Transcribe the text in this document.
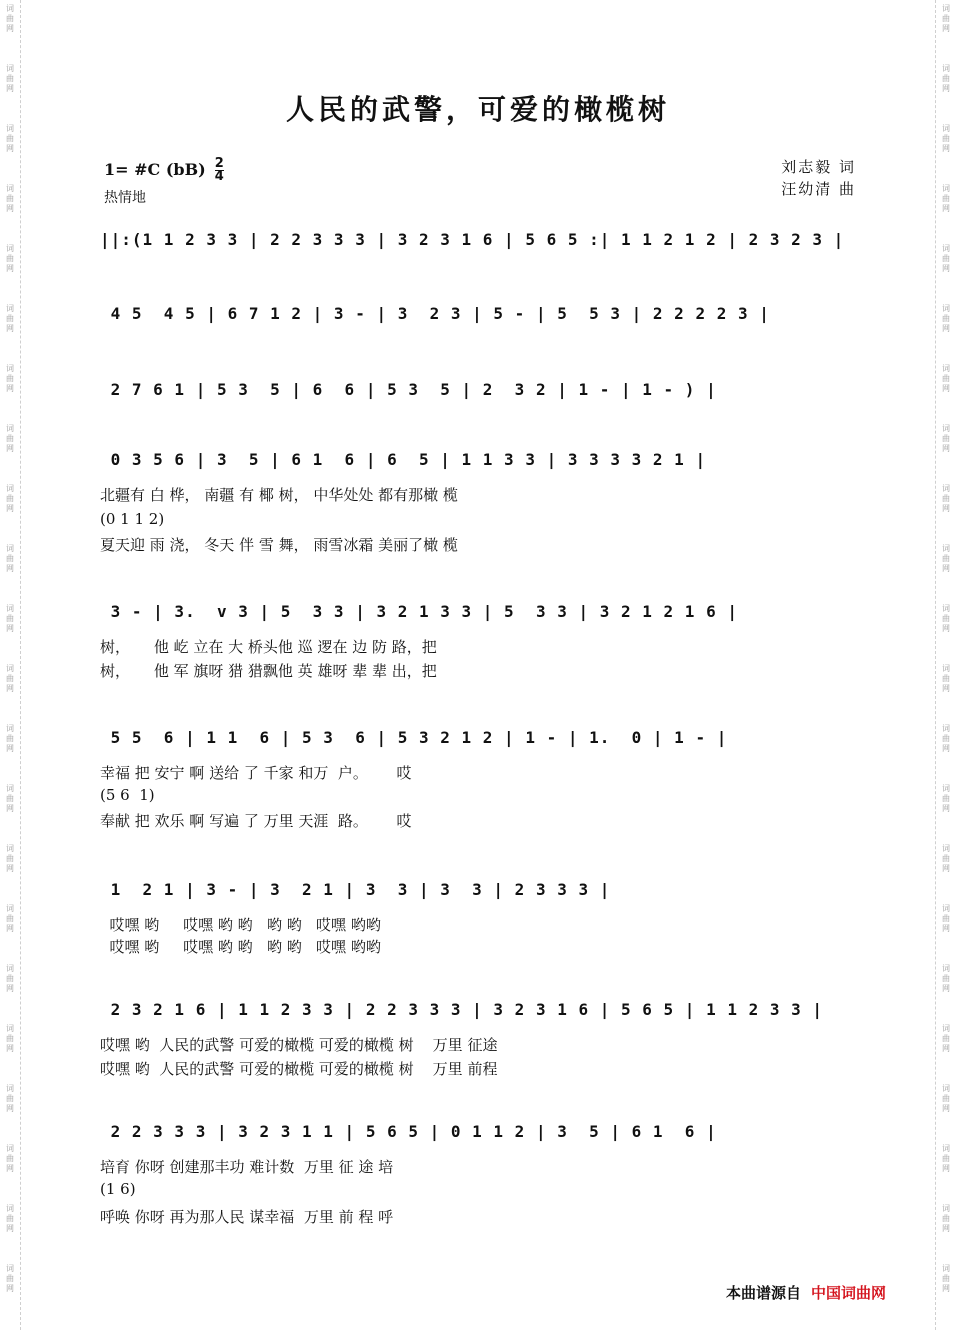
词
曲
网
词
曲
网
词
曲
网
词
曲
网
词
曲
网
词
曲
网
词
曲
网
词
曲
网
词
曲
网
词
曲
网
词
曲
网
词
曲
网
词
曲
网
词
曲
网
词
曲
网
词
曲
网
词
曲
网
词
曲
网
词
曲
网
词
曲
网
词
曲
网
词
曲
网
词
曲
网
词
曲
网
词
曲
网
词
曲
网
词
曲
网
词
曲
网
词
曲
网
词
曲
网
词
曲
网
词
曲
网
词
曲
网
词
曲
网
词
曲
网
词
曲
网
词
曲
网
词
曲
网
词
曲
网
词
曲
网
词
曲
网
词
曲
网
词
曲
网
词
曲
网
人民的武警，可爱的橄榄树
1= #C $(bB) \frac{2}{4}$
热情地
刘志毅 词
汪幼清 曲
||:(1 1 2 3 3 | 2 2 3 3 3 | 3 2 3 1 6 | 5 6 5 :| 1 1 2 1 2 | 2 3 2 3 |
4 5  4 5 | 6 7 1 2 | 3 - | 3  2 3 | 5 - | 5  5 3 | 2 2 2 2 3 |
2 7 6 1 | 5 3  5 | 6  6 | 5 3  5 | 2  3 2 | 1 - | 1 - ) |
0 3 5 6 | 3  5 | 6 1  6 | 6  5 | 1 1 3 3 | 3 3 3 3 2 1 |
北疆有 白 桦， 南疆 有 椰 树， 中华处处 都有那橄 榄
(0 1 1 2)
夏天迎 雨 浇， 冬天 伴 雪 舞， 雨雪冰霜 美丽了橄 榄
3 - | 3.  v 3 | 5  3 3 | 3 2 1 3 3 | 5  3 3 | 3 2 1 2 1 6 |
树，     他 屹 立在 大 桥头他 巡 逻在 边 防 路，把
树，     他 军 旗呀 猎 猎飘他 英 雄呀 辈 辈 出，把
5 5  6 | 1 1  6 | 5 3  6 | 5 3 2 1 2 | 1 - | 1.  0 | 1 - |
幸福 把 安宁 啊 送给 了 千家 和万  户。      哎
(5 6  1)
奉献 把 欢乐 啊 写遍 了 万里 天涯  路。      哎
1  2 1 | 3 - | 3  2 1 | 3  3 | 3  3 | 2 3 3 3 |
哎嘿 哟     哎嘿 哟 哟   哟 哟   哎嘿 哟哟
哎嘿 哟     哎嘿 哟 哟   哟 哟   哎嘿 哟哟
2 3 2 1 6 | 1 1 2 3 3 | 2 2 3 3 3 | 3 2 3 1 6 | 5 6 5 | 1 1 2 3 3 |
哎嘿 哟  人民的武警 可爱的橄榄 可爱的橄榄 树    万里 征途
哎嘿 哟  人民的武警 可爱的橄榄 可爱的橄榄 树    万里 前程
2 2 3 3 3 | 3 2 3 1 1 | 5 6 5 | 0 1 1 2 | 3  5 | 6 1  6 |
培育 你呀 创建那丰功 难计数  万里 征 途 培
(1 6)
呼唤 你呀 再为那人民 谋幸福  万里 前 程 呼
本曲谱源自 中国词曲网
